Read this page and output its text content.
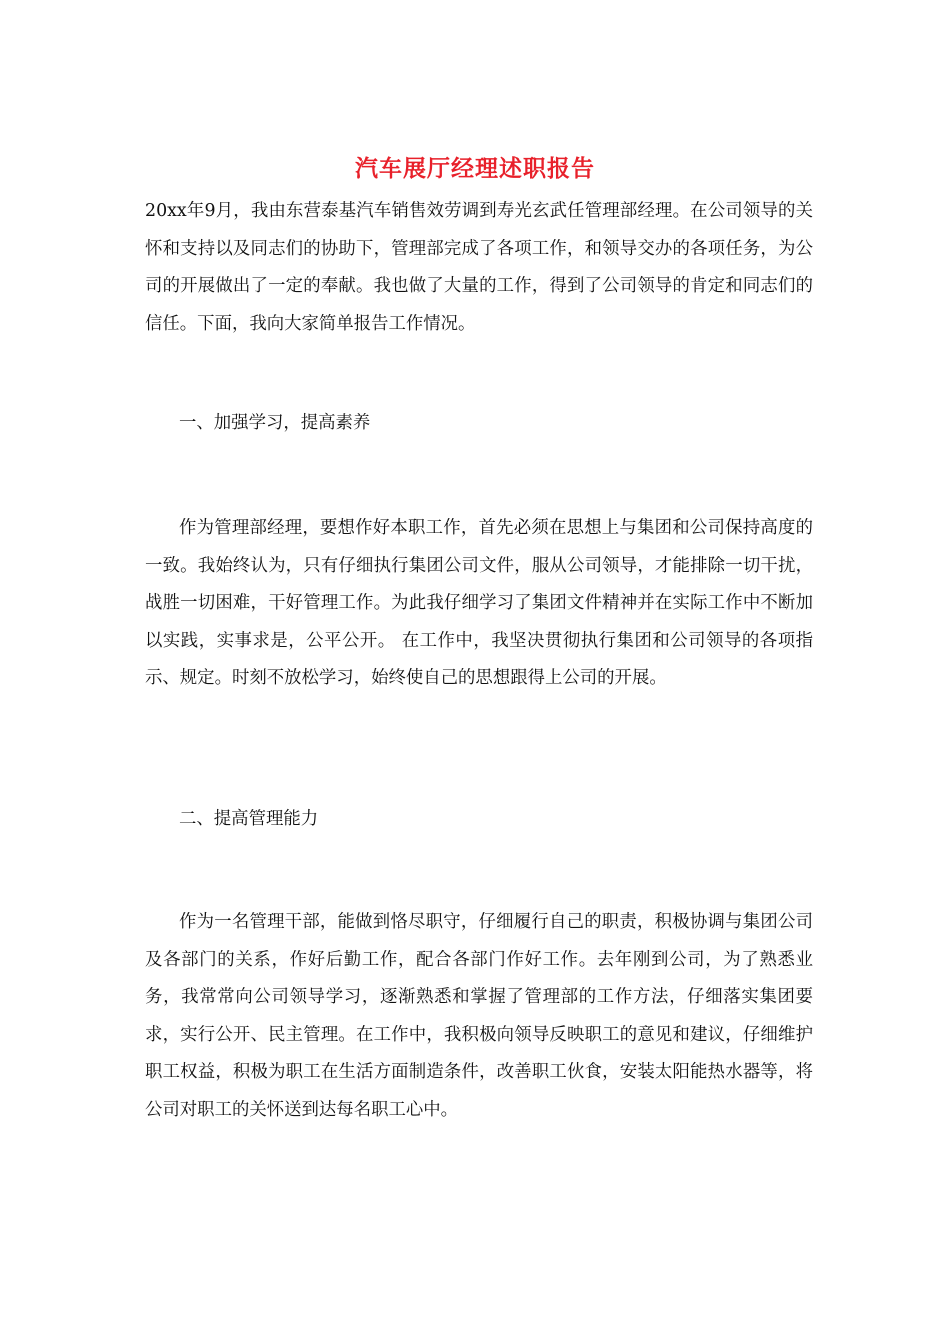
汽车展厅经理述职报告

20xx年9月，我由东营泰基汽车销售效劳调到寿光玄武任管理部经理。在公司领导的关怀和支持以及同志们的协助下，管理部完成了各项工作，和领导交办的各项任务，为公司的开展做出了一定的奉献。我也做了大量的工作，得到了公司领导的肯定和同志们的信任。下面，我向大家简单报告工作情况。

一、加强学习，提高素养

作为管理部经理，要想作好本职工作，首先必须在思想上与集团和公司保持高度的一致。我始终认为，只有仔细执行集团公司文件，服从公司领导，才能排除一切干扰，战胜一切困难，干好管理工作。为此我仔细学习了集团文件精神并在实际工作中不断加以实践，实事求是，公平公开。 在工作中，我坚决贯彻执行集团和公司领导的各项指示、规定。时刻不放松学习，始终使自己的思想跟得上公司的开展。

二、提高管理能力

作为一名管理干部，能做到恪尽职守，仔细履行自己的职责，积极协调与集团公司及各部门的关系，作好后勤工作，配合各部门作好工作。去年刚到公司，为了熟悉业务，我常常向公司领导学习，逐渐熟悉和掌握了管理部的工作方法，仔细落实集团要求，实行公开、民主管理。在工作中，我积极向领导反映职工的意见和建议，仔细维护职工权益，积极为职工在生活方面制造条件，改善职工伙食，安装太阳能热水器等，将公司对职工的关怀送到达每名职工心中。
